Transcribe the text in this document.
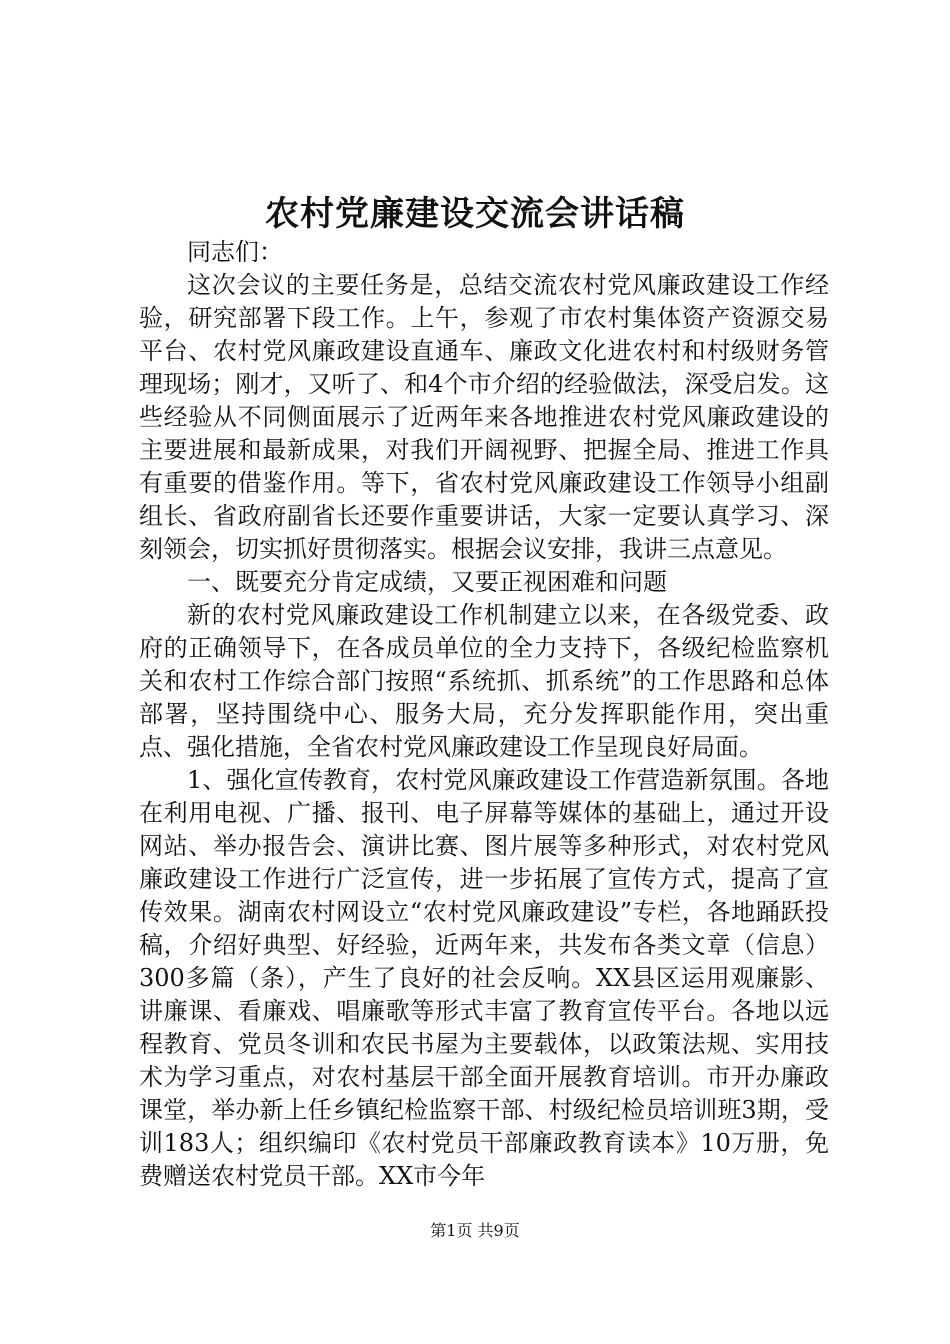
农村党廉建设交流会讲话稿

同志们：

这次会议的主要任务是，总结交流农村党风廉政建设工作经验，研究部署下段工作。上午，参观了市农村集体资产资源交易平台、农村党风廉政建设直通车、廉政文化进农村和村级财务管理现场；刚才，又听了、和4个市介绍的经验做法，深受启发。这些经验从不同侧面展示了近两年来各地推进农村党风廉政建设的主要进展和最新成果，对我们开阔视野、把握全局、推进工作具有重要的借鉴作用。等下，省农村党风廉政建设工作领导小组副组长、省政府副省长还要作重要讲话，大家一定要认真学习、深刻领会，切实抓好贯彻落实。根据会议安排，我讲三点意见。

一、既要充分肯定成绩，又要正视困难和问题

新的农村党风廉政建设工作机制建立以来，在各级党委、政府的正确领导下，在各成员单位的全力支持下，各级纪检监察机关和农村工作综合部门按照“系统抓、抓系统”的工作思路和总体部署，坚持围绕中心、服务大局，充分发挥职能作用，突出重点、强化措施，全省农村党风廉政建设工作呈现良好局面。

1、强化宣传教育，农村党风廉政建设工作营造新氛围。各地在利用电视、广播、报刊、电子屏幕等媒体的基础上，通过开设网站、举办报告会、演讲比赛、图片展等多种形式，对农村党风廉政建设工作进行广泛宣传，进一步拓展了宣传方式，提高了宣传效果。湖南农村网设立“农村党风廉政建设”专栏，各地踊跃投稿，介绍好典型、好经验，近两年来，共发布各类文章（信息）300多篇（条），产生了良好的社会反响。XX县区运用观廉影、讲廉课、看廉戏、唱廉歌等形式丰富了教育宣传平台。各地以远程教育、党员冬训和农民书屋为主要载体，以政策法规、实用技术为学习重点，对农村基层干部全面开展教育培训。市开办廉政课堂，举办新上任乡镇纪检监察干部、村级纪检员培训班3期，受训183人；组织编印《农村党员干部廉政教育读本》10万册，免费赠送农村党员干部。XX市今年

第1页 共9页
